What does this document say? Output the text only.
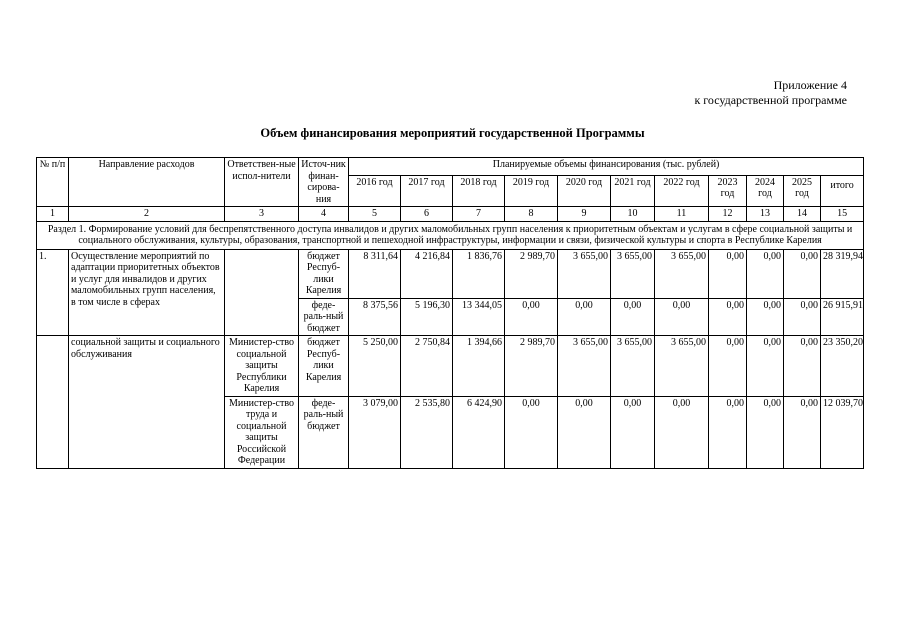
Приложение 4
к государственной программе
Объем финансирования мероприятий государственной Программы
№ п/п	Направление расходов	Ответствен-ные испол-нители	Источ-ник финан-сирова-ния	Планируемые объемы финансирования (тыс. рублей)										
				2016 год	2017 год	2018 год	2019 год	2020 год	2021 год	2022 год	2023 год	2024 год	2025 год	итого
1	2	3	4	5	6	7	8	9	10	11	12	13	14	15
Раздел 1. Формирование условий для беспрепятственного доступа инвалидов и других маломобильных групп населения к приоритетным объектам и услугам в сфере социальной защиты и социального обслуживания, культуры, образования, транспортной и пешеходной инфраструктуры, информации и связи, физической культуры и спорта в Республике Карелия														
1.	Осуществление мероприятий по адаптации приоритетных объектов и услуг для инвалидов и других маломобильных групп населения, в том числе в сферах		бюджет Респуб-лики Карелия	8 311,64	4 216,84	1 836,76	2 989,70	3 655,00	3 655,00	3 655,00	0,00	0,00	0,00	28 319,94
			феде-раль-ный бюджет	8 375,56	5 196,30	13 344,05	0,00	0,00	0,00	0,00	0,00	0,00	0,00	26 915,91
	социальной защиты и социального обслуживания	Министер-ство социальной защиты Республики Карелия	бюджет Респуб-лики Карелия	5 250,00	2 750,84	1 394,66	2 989,70	3 655,00	3 655,00	3 655,00	0,00	0,00	0,00	23 350,20
		Министер-ство труда и социальной защиты Российской Федерации	феде-раль-ный бюджет	3 079,00	2 535,80	6 424,90	0,00	0,00	0,00	0,00	0,00	0,00	0,00	12 039,70
